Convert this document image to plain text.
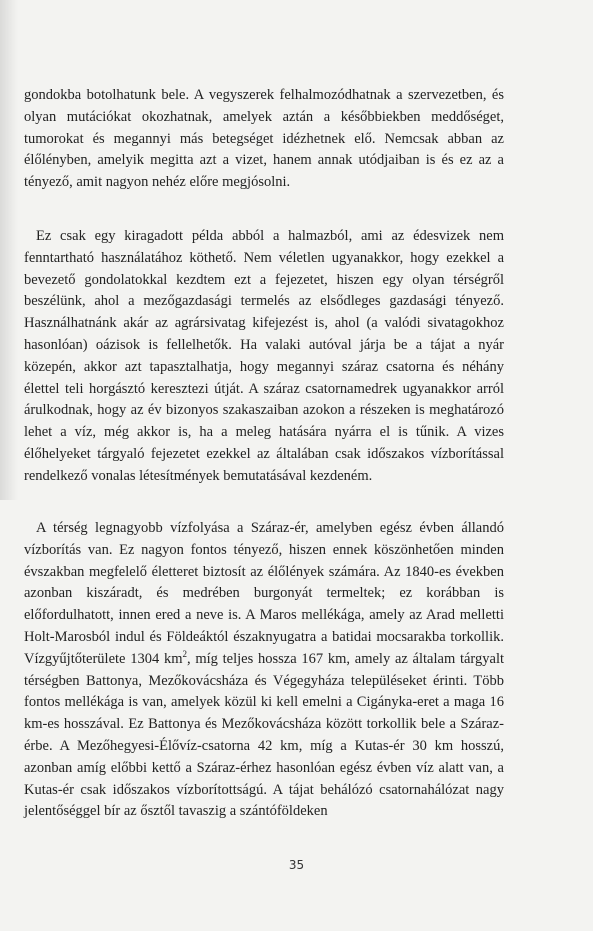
gondokba botolhatunk bele. A vegyszerek felhalmozódhatnak a szervezetben, és olyan mutációkat okozhatnak, amelyek aztán a későbbiekben meddőséget, tumorokat és megannyi más betegséget idézhetnek elő. Nemcsak abban az élőlényben, amelyik megitta azt a vizet, hanem annak utódjaiban is és ez az a tényező, amit nagyon nehéz előre megjósolni.

Ez csak egy kiragadott példa abból a halmazból, ami az édesvizek nem fenntartható használatához köthető. Nem véletlen ugyanakkor, hogy ezekkel a bevezető gondolatokkal kezdtem ezt a fejezetet, hiszen egy olyan térségről beszélünk, ahol a mezőgazdasági termelés az elsődleges gazdasági tényező. Használhatnánk akár az agrársivatag kifejezést is, ahol (a valódi sivatagokhoz hasonlóan) oázisok is fellelhetők. Ha valaki autóval járja be a tájat a nyár közepén, akkor azt tapasztalhatja, hogy megannyi száraz csatorna és néhány élettel teli horgásztó keresztezi útját. A száraz csatornamedrek ugyanakkor arról árulkodnak, hogy az év bizonyos szakaszaiban azokon a részeken is meghatározó lehet a víz, még akkor is, ha a meleg hatására nyárra el is tűnik. A vizes élőhelyeket tárgyaló fejezetet ezekkel az általában csak időszakos vízborítással rendelkező vonalas létesítmények bemutatásával kezdeném.

A térség legnagyobb vízfolyása a Száraz-ér, amelyben egész évben állandó vízborítás van. Ez nagyon fontos tényező, hiszen ennek köszönhetően minden évszakban megfelelő életteret biztosít az élőlények számára. Az 1840-es években azonban kiszáradt, és medrében burgonyát termeltek; ez korábban is előfordulhatott, innen ered a neve is. A Maros mellékága, amely az Arad melletti Holt-Marosból indul és Földeáktól északnyugatra a batidai mocsarakba torkollik. Vízgyűjtőterülete 1304 $km^2$, míg teljes hossza 167 km, amely az általam tárgyalt térségben Battonya, Mezőkovácsháza és Végegyháza településeket érinti. Több fontos mellékága is van, amelyek közül ki kell emelni a Cigányka-eret a maga 16 km-es hosszával. Ez Battonya és Mezőkovácsháza között torkollik bele a Száraz-érbe. A Mezőhegyesi-Élővíz-csatorna 42 km, míg a Kutas-ér 30 km hosszú, azonban amíg előbbi kettő a Száraz-érhez hasonlóan egész évben víz alatt van, a Kutas-ér csak időszakos vízborítottságú. A tájat behálózó csatornahálózat nagy jelentőséggel bír az ősztől tavaszig a szántóföldeken

35
